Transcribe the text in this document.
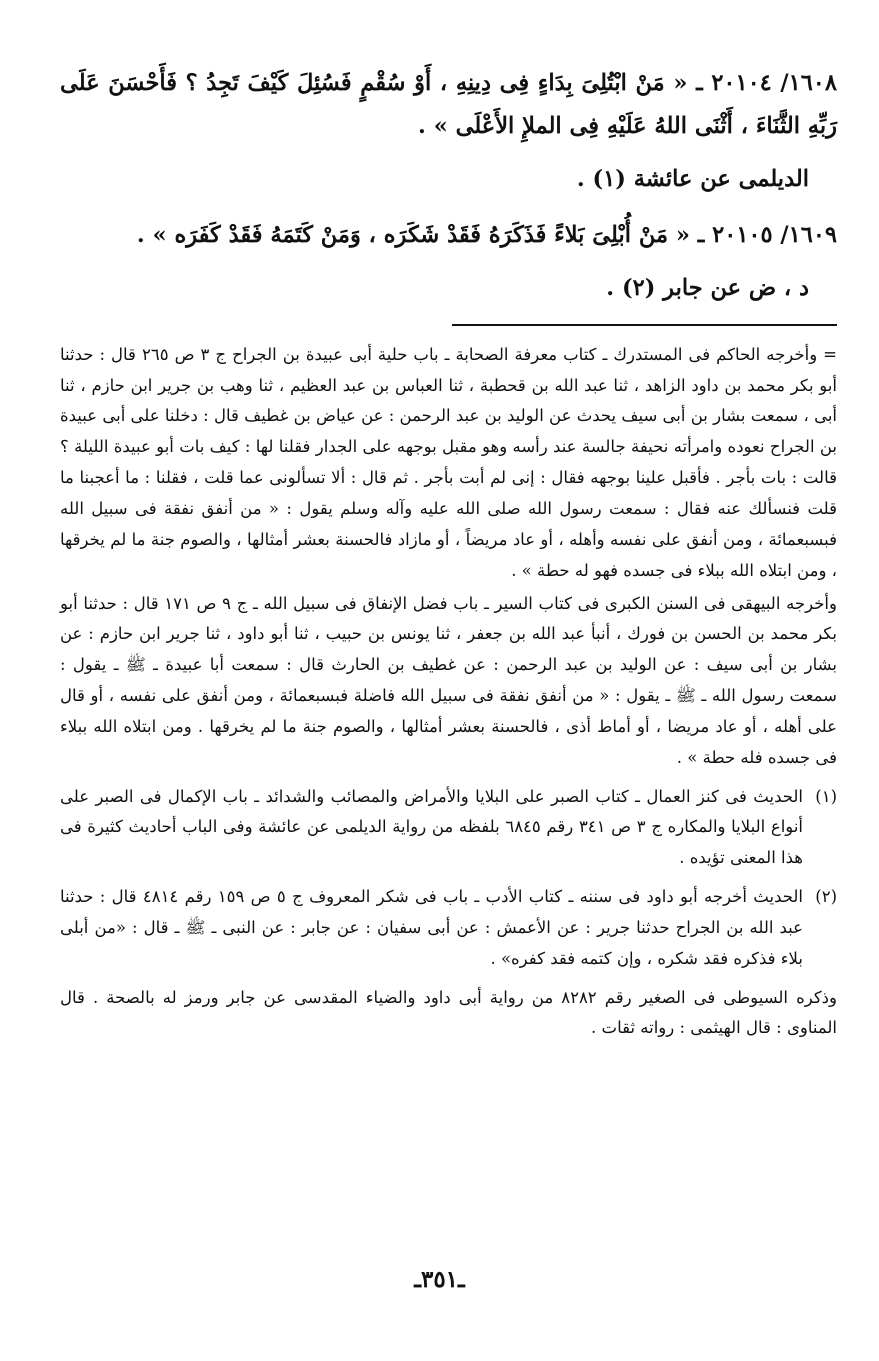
١٦٠٨/ ٢٠١٠٤ ـ « مَنْ ابْتُلِىَ بِدَاءٍ فِى دِينِهِ ، أَوْ سُقْمٍ فَسُئِلَ كَيْفَ تَجِدُ ؟ فَأَحْسَنَ عَلَى رَبِّهِ الثَّنَاءَ ، أَثْنَى اللهُ عَلَيْهِ فِى الملإِ الأَعْلَى » .

الديلمى عن عائشة (١) .

١٦٠٩/ ٢٠١٠٥ ـ « مَنْ أُبْلِىَ بَلاءً فَذَكَرَهُ فَقَدْ شَكَرَه ، وَمَنْ كَتَمَهُ فَقَدْ كَفَرَه » .

د ، ض عن جابر (٢) .

= وأخرجه الحاكم فى المستدرك ـ كتاب معرفة الصحابة ـ باب حلية أبى عبيدة بن الجراح ج ٣ ص ٢٦٥ قال : حدثنا أبو بكر محمد بن داود الزاهد ، ثنا عبد الله بن قحطبة ، ثنا العباس بن عبد العظيم ، ثنا وهب بن جرير ابن حازم ، ثنا أبى ، سمعت بشار بن أبى سيف يحدث عن الوليد بن عبد الرحمن : عن عياض بن غطيف قال : دخلنا على أبى عبيدة بن الجراح نعوده وامرأته نحيفة جالسة عند رأسه وهو مقبل بوجهه على الجدار فقلنا لها : كيف بات أبو عبيدة الليلة ؟ قالت : بات بأجر . فأقبل علينا بوجهه فقال : إنى لم أبت بأجر . ثم قال : ألا تسألونى عما قلت ، فقلنا : ما أعجبنا ما قلت فنسألك عنه فقال : سمعت رسول الله صلى الله عليه وآله وسلم يقول : « من أنفق نفقة فى سبيل الله فبسبعمائة ، ومن أنفق على نفسه وأهله ، أو عاد مريضاً ، أو مازاد فالحسنة بعشر أمثالها ، والصوم جنة ما لم يخرقها ، ومن ابتلاه الله ببلاء فى جسده فهو له حطة » .

وأخرجه البيهقى فى السنن الكبرى فى كتاب السير ـ باب فضل الإنفاق فى سبيل الله ـ ج ٩ ص ١٧١ قال : حدثنا أبو بكر محمد بن الحسن بن فورك ، أنبأ عبد الله بن جعفر ، ثنا يونس بن حبيب ، ثنا أبو داود ، ثنا جرير ابن حازم : عن بشار بن أبى سيف : عن الوليد بن عبد الرحمن : عن غطيف بن الحارث قال : سمعت أبا عبيدة ـ ﷺ ـ يقول : سمعت رسول الله ـ ﷺ ـ يقول : « من أنفق نفقة فى سبيل الله فاضلة فبسبعمائة ، ومن أنفق على نفسه ، أو قال على أهله ، أو عاد مريضا ، أو أماط أذى ، فالحسنة بعشر أمثالها ، والصوم جنة ما لم يخرقها . ومن ابتلاه الله ببلاء فى جسده فله حطة » .

(١)
الحديث فى كنز العمال ـ كتاب الصبر على البلايا والأمراض والمصائب والشدائد ـ باب الإكمال فى الصبر على أنواع البلايا والمكاره ج ٣ ص ٣٤١ رقم ٦٨٤٥ بلفظه من رواية الديلمى عن عائشة وفى الباب أحاديث كثيرة فى هذا المعنى تؤيده .
(٢)
الحديث أخرجه أبو داود فى سننه ـ كتاب الأدب ـ باب فى شكر المعروف ج ٥ ص ١٥٩ رقم ٤٨١٤ قال : حدثنا عبد الله بن الجراح حدثنا جرير : عن الأعمش : عن أبى سفيان : عن جابر : عن النبى ـ ﷺ ـ قال : «من أبلى بلاء فذكره فقد شكره ، وإن كتمه فقد كفره» .

وذكره السيوطى فى الصغير رقم ٨٢٨٢ من رواية أبى داود والضياء المقدسى عن جابر ورمز له بالصحة . قال المناوى : قال الهيثمى : رواته ثقات .

ـ٣٥١ـ
